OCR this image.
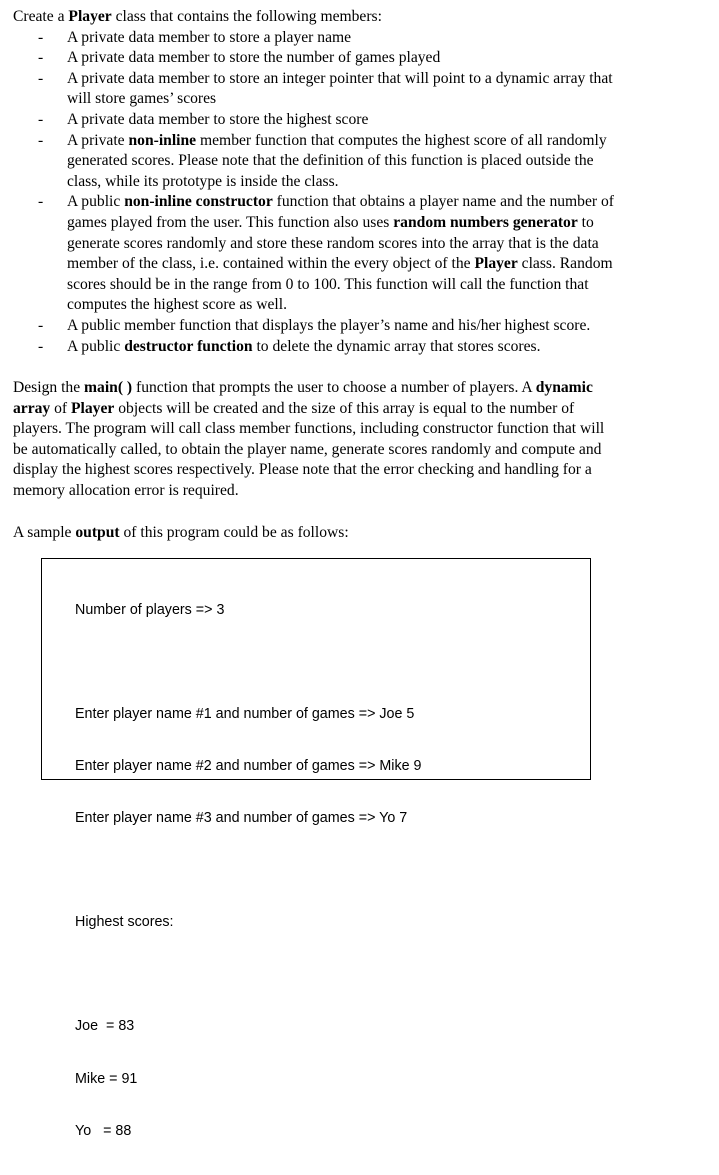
Create a Player class that contains the following members:

- A private data member to store a player name
- A private data member to store the number of games played
- A private data member to store an integer pointer that will point to a dynamic array that
will store games’ scores
- A private data member to store the highest score
- A private non-inline member function that computes the highest score of all randomly
generated scores. Please note that the definition of this function is placed outside the
class, while its prototype is inside the class.
- A public non-inline constructor function that obtains a player name and the number of
games played from the user. This function also uses random numbers generator to
generate scores randomly and store these random scores into the array that is the data
member of the class, i.e. contained within the every object of the Player class. Random
scores should be in the range from 0 to 100. This function will call the function that
computes the highest score as well.
- A public member function that displays the player’s name and his/her highest score.
- A public destructor function to delete the dynamic array that stores scores.
Design the main( ) function that prompts the user to choose a number of players. A dynamic
array of Player objects will be created and the size of this array is equal to the number of
players. The program will call class member functions, including constructor function that will
be automatically called, to obtain the player name, generate scores randomly and compute and
display the highest scores respectively. Please note that the error checking and handling for a
memory allocation error is required.
A sample output of this program could be as follows:

Number of players => 3

Enter player name #1 and number of games => Joe 5

Enter player name #2 and number of games => Mike 9

Enter player name #3 and number of games => Yo 7

Highest scores:

Joe  = 83

Mike = 91

Yo   = 88
